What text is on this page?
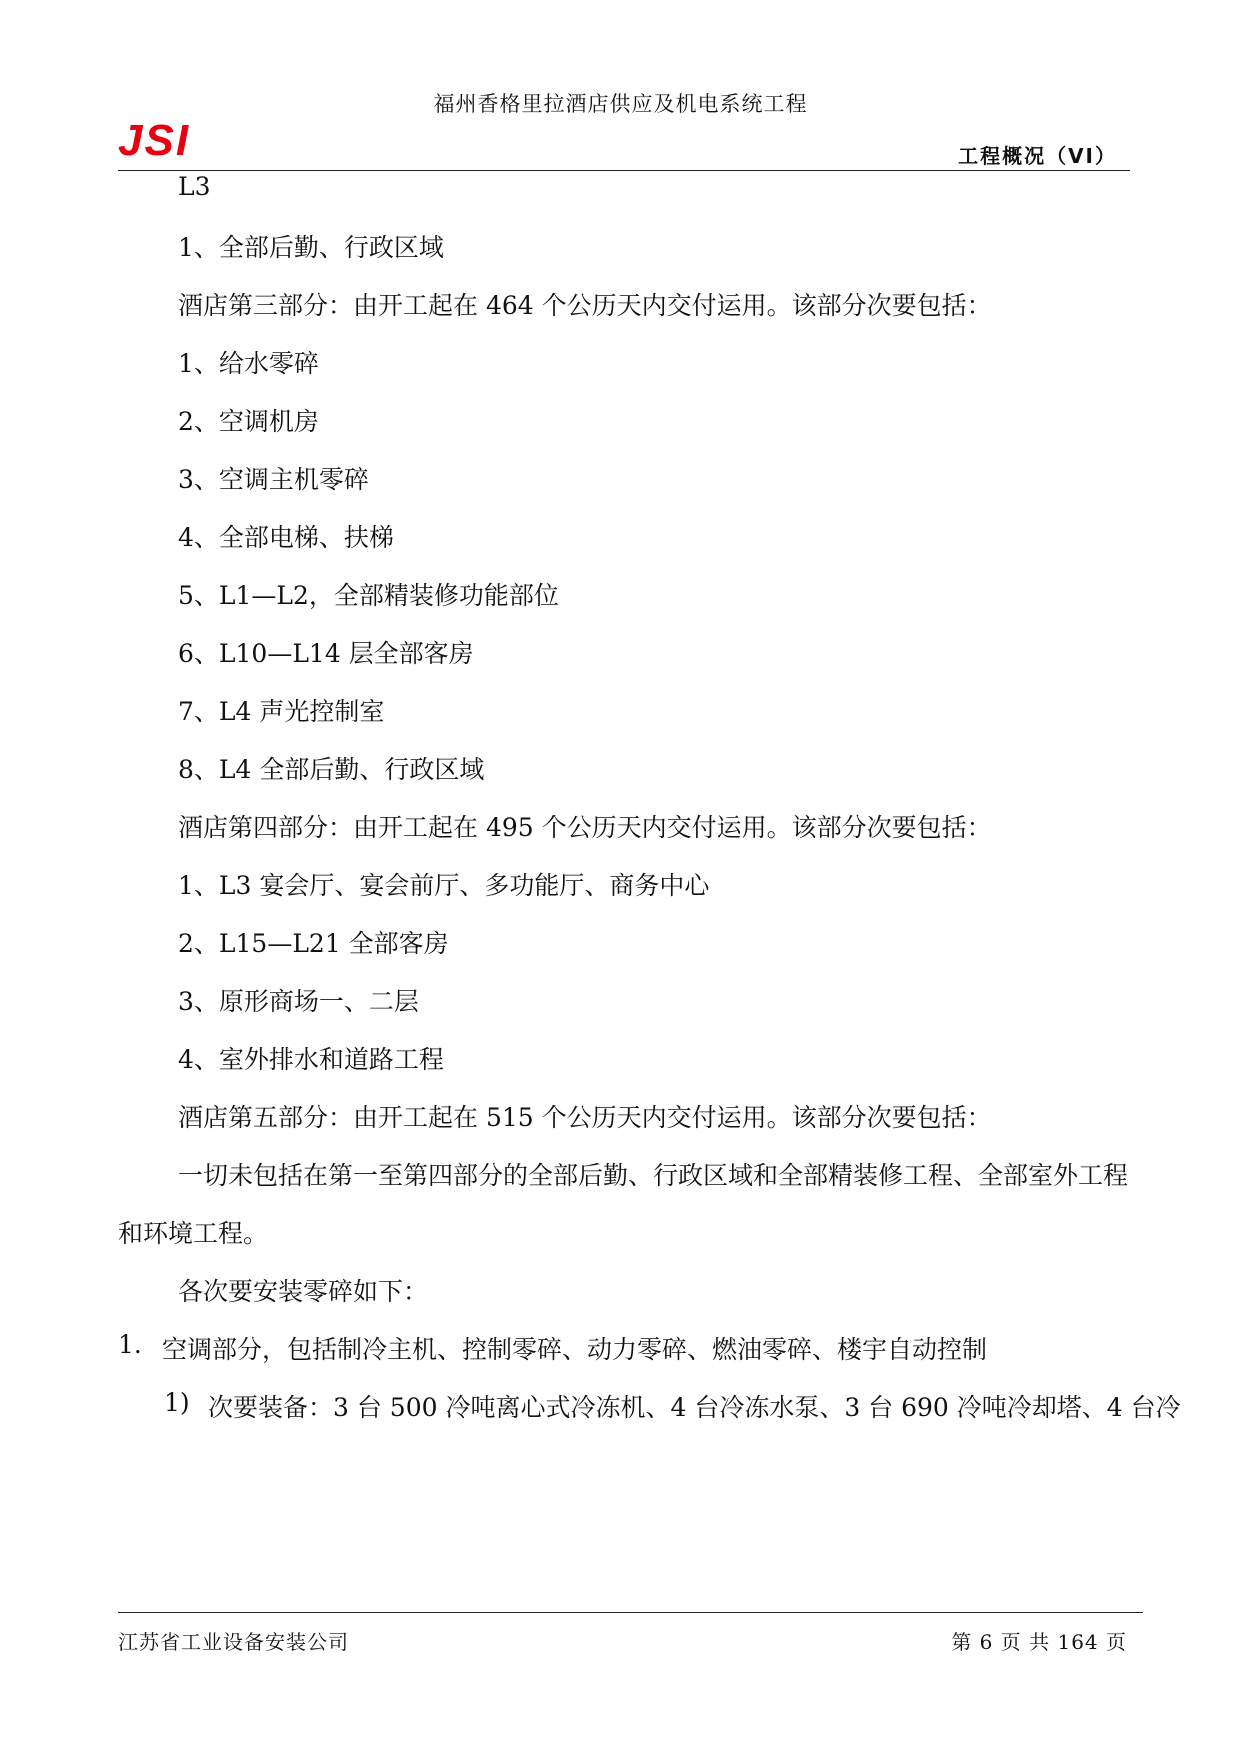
福州香格里拉酒店供应及机电系统工程
JSI	工程概况（VI）
L3
1、全部后勤、行政区域
酒店第三部分：由开工起在 464 个公历天内交付运用。该部分次要包括：
1、给水零碎
2、空调机房
3、空调主机零碎
4、全部电梯、扶梯
5、L1—L2，全部精装修功能部位
6、L10—L14 层全部客房
7、L4 声光控制室
8、L4 全部后勤、行政区域
酒店第四部分：由开工起在 495 个公历天内交付运用。该部分次要包括：
1、L3 宴会厅、宴会前厅、多功能厅、商务中心
2、L15—L21 全部客房
3、原形商场一、二层
4、室外排水和道路工程
酒店第五部分：由开工起在 515 个公历天内交付运用。该部分次要包括：
一切未包括在第一至第四部分的全部后勤、行政区域和全部精装修工程、全部室外工程
和环境工程。
各次要安装零碎如下：
1. 空调部分，包括制冷主机、控制零碎、动力零碎、燃油零碎、楼宇自动控制
1) 次要装备：3 台 500 冷吨离心式冷冻机、4 台冷冻水泵、3 台 690 冷吨冷却塔、4 台冷
江苏省工业设备安装公司	第 6 页 共 164 页
